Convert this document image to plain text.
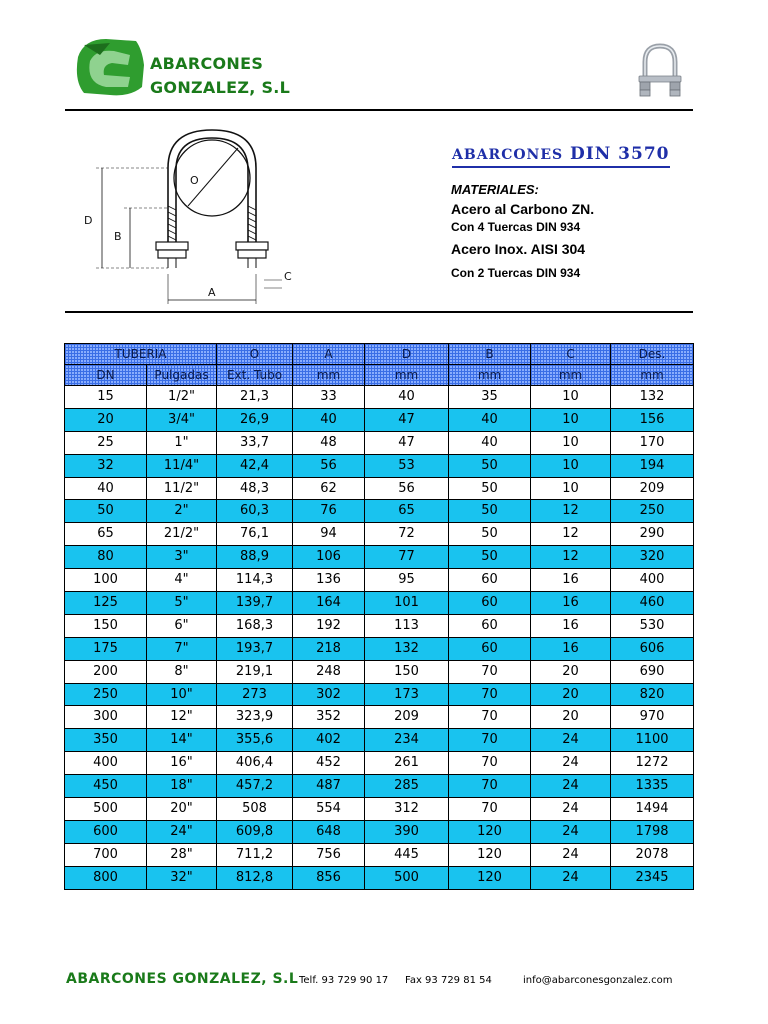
ABARCONES
GONZALEZ, S.L
D
B
O
A
C
ABARCONES DIN 3570
MATERIALES:
Acero al Carbono ZN.
Con 4 Tuercas DIN 934
Acero Inox. AISI 304
Con 2 Tuercas DIN 934
TUBERIA		O	A	D	B	C	Des.
DN	Pulgadas	Ext. Tubo	mm	mm	mm	mm	mm
15	1/2"	21,3	33	40	35	10	132
20	3/4"	26,9	40	47	40	10	156
25	1"	33,7	48	47	40	10	170
32	11/4"	42,4	56	53	50	10	194
40	11/2"	48,3	62	56	50	10	209
50	2"	60,3	76	65	50	12	250
65	21/2"	76,1	94	72	50	12	290
80	3"	88,9	106	77	50	12	320
100	4"	114,3	136	95	60	16	400
125	5"	139,7	164	101	60	16	460
150	6"	168,3	192	113	60	16	530
175	7"	193,7	218	132	60	16	606
200	8"	219,1	248	150	70	20	690
250	10"	273	302	173	70	20	820
300	12"	323,9	352	209	70	20	970
350	14"	355,6	402	234	70	24	1100
400	16"	406,4	452	261	70	24	1272
450	18"	457,2	487	285	70	24	1335
500	20"	508	554	312	70	24	1494
600	24"	609,8	648	390	120	24	1798
700	28"	711,2	756	445	120	24	2078
800	32"	812,8	856	500	120	24	2345
ABARCONES GONZALEZ, S.L Telf. 93 729 90 17 Fax 93 729 81 54	info@abarconesgonzalez.com
